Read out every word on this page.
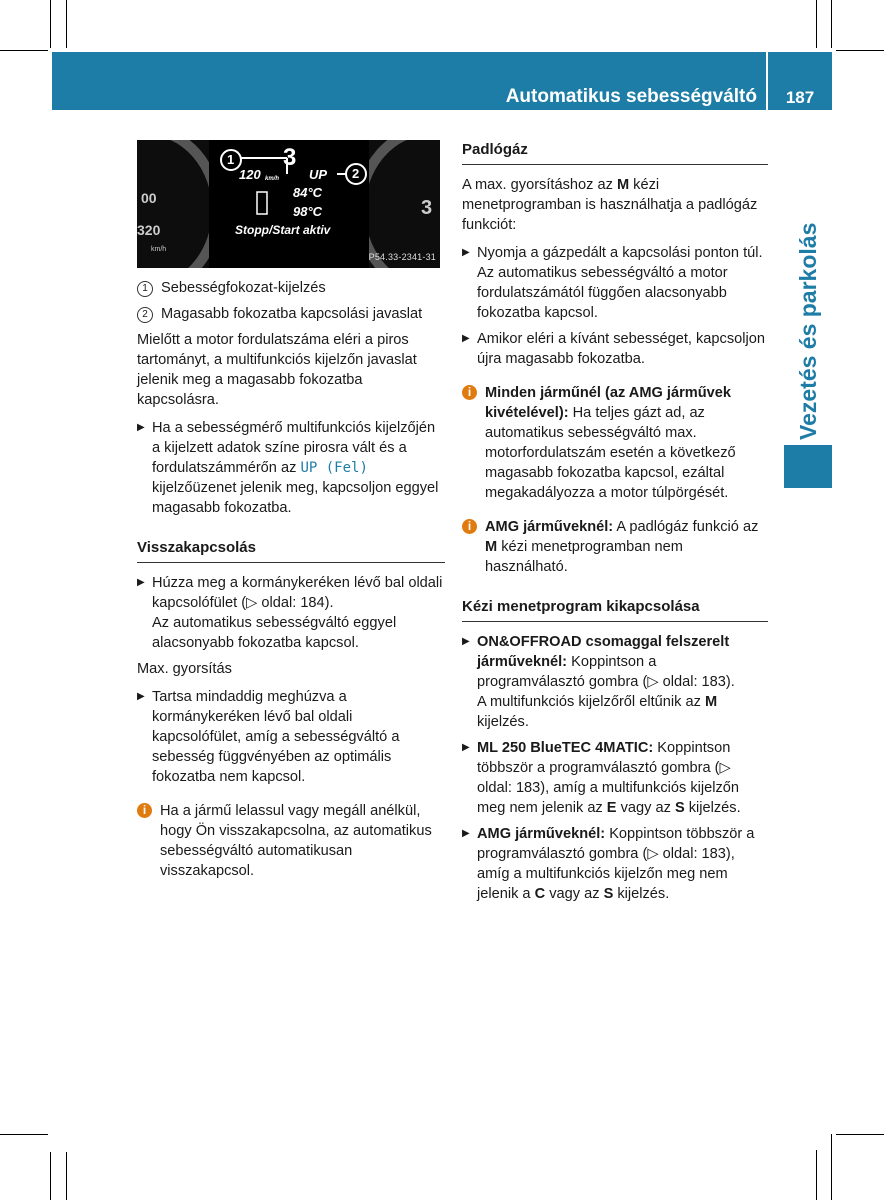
Automatikus sebességváltó	187
Vezetés és parkolás
1
2
3
120 km/h UP
84°C
98°C
Stopp/Start aktiv
00
320
km/h
3
P54.33-2341-31
1 Sebességfokozat-kijelzés
2 Magasabb fokozatba kapcsolási javaslat

Mielőtt a motor fordulatszáma eléri a piros tartományt, a multifunkciós kijelzőn javaslat jelenik meg a magasabb fokozatba kapcsolásra.

▶ Ha a sebességmérő multifunkciós kijelzőjén a kijelzett adatok színe pirosra vált és a fordulatszámmérőn az UP (Fel) kijelzőüzenet jelenik meg, kapcsoljon eggyel magasabb fokozatba.
Visszakapcsolás
▶ Húzza meg a kormánykeréken lévő bal oldali kapcsolófület (▷ oldal: 184).
Az automatikus sebességváltó eggyel alacsonyabb fokozatba kapcsol.

Max. gyorsítás

▶ Tartsa mindaddig meghúzva a kormánykeréken lévő bal oldali kapcsolófület, amíg a sebességváltó a sebesség függvényében az optimális fokozatba nem kapcsol.
i Ha a jármű lelassul vagy megáll anélkül, hogy Ön visszakapcsolna, az automatikus sebességváltó automatikusan visszakapcsol.
Padlógáz

A max. gyorsításhoz az M kézi menetprogramban is használhatja a padlógáz funkciót:

▶ Nyomja a gázpedált a kapcsolási ponton túl.
Az automatikus sebességváltó a motor fordulatszámától függően alacsonyabb fokozatba kapcsol.
▶ Amikor eléri a kívánt sebességet, kapcsoljon újra magasabb fokozatba.
i Minden járműnél (az AMG járművek kivételével): Ha teljes gázt ad, az automatikus sebességváltó max. motorfordulatszám esetén a következő magasabb fokozatba kapcsol, ezáltal megakadályozza a motor túlpörgését.
i AMG járműveknél: A padlógáz funkció az M kézi menetprogramban nem használható.
Kézi menetprogram kikapcsolása
▶ ON&OFFROAD csomaggal felszerelt járműveknél: Koppintson a programválasztó gombra (▷ oldal: 183).
A multifunkciós kijelzőről eltűnik az M kijelzés.
▶ ML 250 BlueTEC 4MATIC: Koppintson többször a programválasztó gombra (▷ oldal: 183), amíg a multifunkciós kijelzőn meg nem jelenik az E vagy az S kijelzés.
▶ AMG járműveknél: Koppintson többször a programválasztó gombra (▷ oldal: 183), amíg a multifunkciós kijelzőn meg nem jelenik a C vagy az S kijelzés.
